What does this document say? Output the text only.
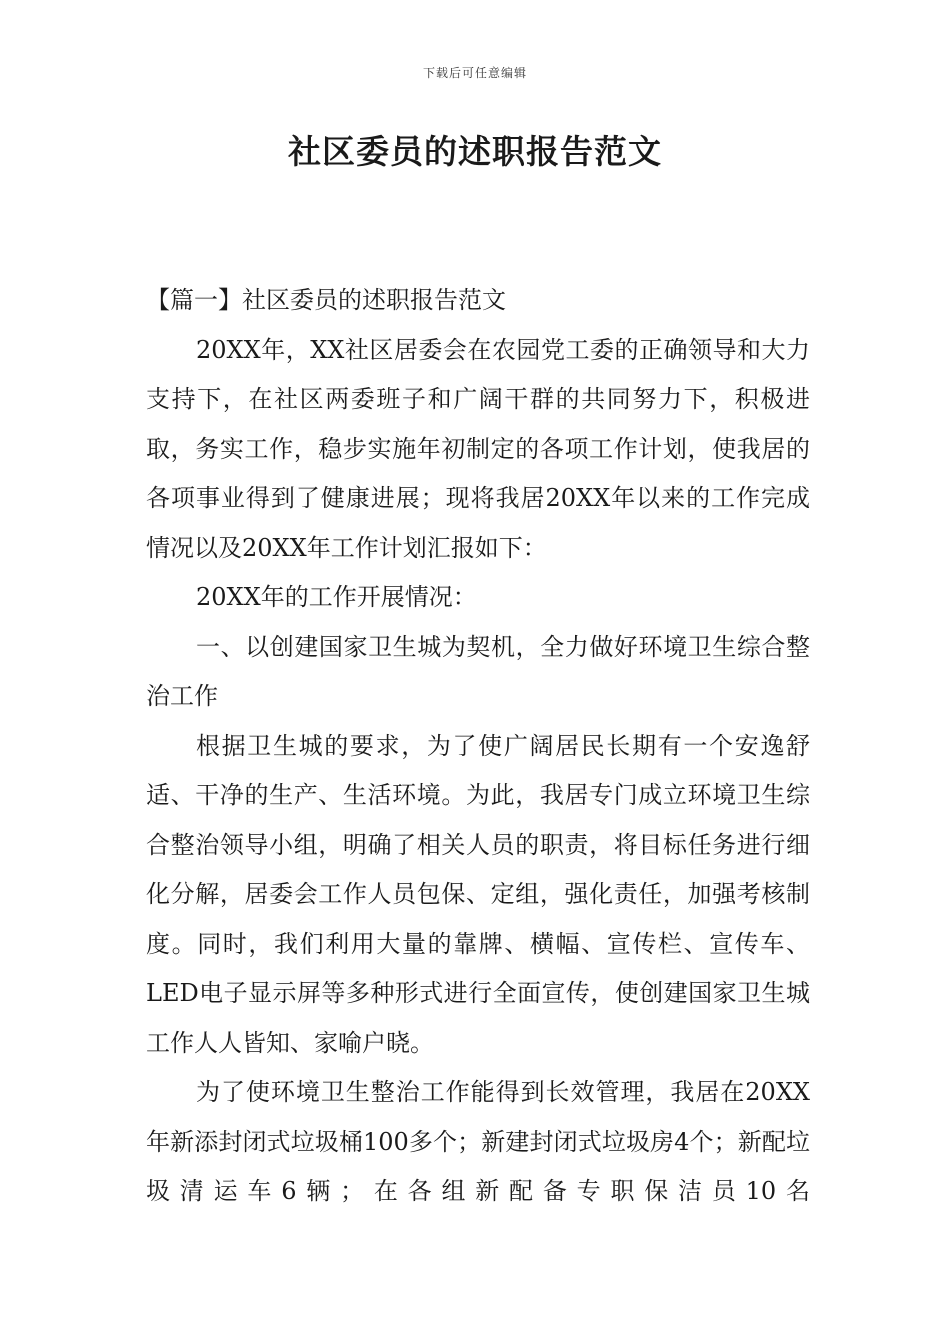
下载后可任意编辑
社区委员的述职报告范文

【篇一】社区委员的述职报告范文

20XX年，XX社区居委会在农园党工委的正确领导和大力支持下，在社区两委班子和广阔干群的共同努力下，积极进取，务实工作，稳步实施年初制定的各项工作计划，使我居的各项事业得到了健康进展；现将我居20XX年以来的工作完成情况以及20XX年工作计划汇报如下：

20XX年的工作开展情况：

一、以创建国家卫生城为契机，全力做好环境卫生综合整治工作

根据卫生城的要求，为了使广阔居民长期有一个安逸舒适、干净的生产、生活环境。为此，我居专门成立环境卫生综合整治领导小组，明确了相关人员的职责，将目标任务进行细化分解，居委会工作人员包保、定组，强化责任，加强考核制度。同时，我们利用大量的靠牌、横幅、宣传栏、宣传车、LED电子显示屏等多种形式进行全面宣传，使创建国家卫生城工作人人皆知、家喻户晓。

为了使环境卫生整治工作能得到长效管理，我居在20XX年新添封闭式垃圾桶100多个；新建封闭式垃圾房4个；新配垃圾清运车6辆；在各组新配备专职保洁员10名
